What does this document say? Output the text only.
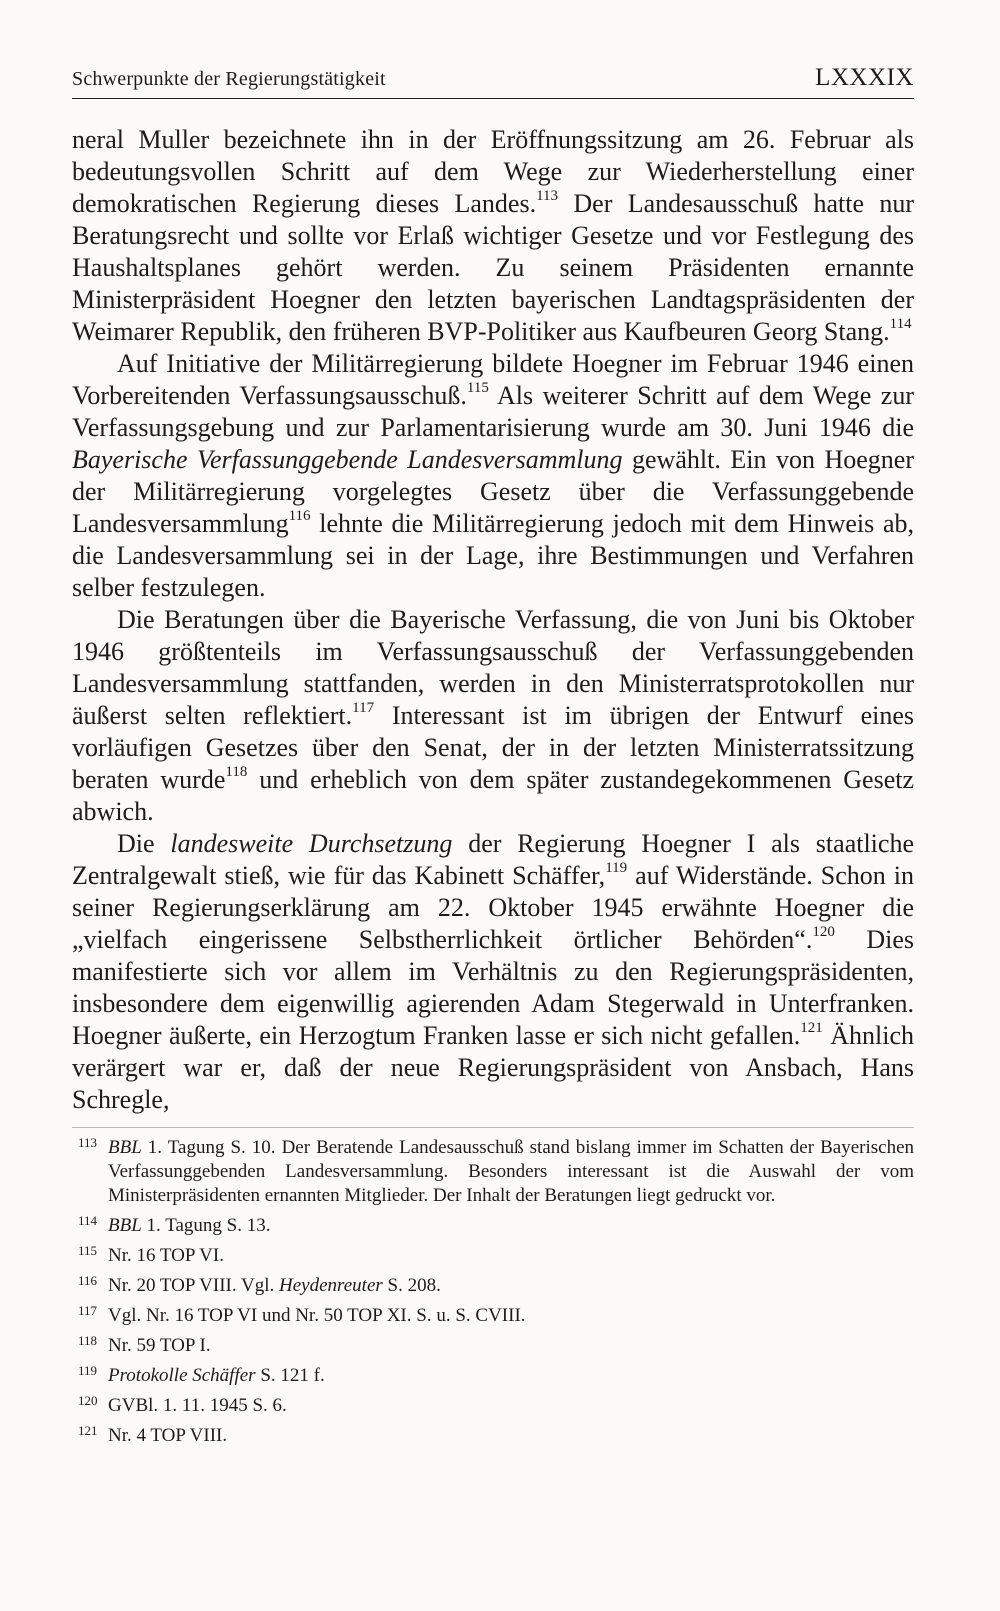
Schwerpunkte der Regierungstätigkeit	LXXXIX

neral Muller bezeichnete ihn in der Eröffnungssitzung am 26. Februar als bedeutungsvollen Schritt auf dem Wege zur Wiederherstellung einer demokratischen Regierung dieses Landes.$^{113}$ Der Landesausschuß hatte nur Beratungsrecht und sollte vor Erlaß wichtiger Gesetze und vor Festlegung des Haushaltsplanes gehört werden. Zu seinem Präsidenten ernannte Ministerpräsident Hoegner den letzten bayerischen Landtagspräsidenten der Weimarer Republik, den früheren BVP-Politiker aus Kaufbeuren Georg Stang.$^{114}$

Auf Initiative der Militärregierung bildete Hoegner im Februar 1946 einen Vorbereitenden Verfassungsausschuß.$^{115}$ Als weiterer Schritt auf dem Wege zur Verfassungsgebung und zur Parlamentarisierung wurde am 30. Juni 1946 die Bayerische Verfassunggebende Landesversammlung gewählt. Ein von Hoegner der Militärregierung vorgelegtes Gesetz über die Verfassunggebende Landesversammlung$^{116}$ lehnte die Militärregierung jedoch mit dem Hinweis ab, die Landesversammlung sei in der Lage, ihre Bestimmungen und Verfahren selber festzulegen.

Die Beratungen über die Bayerische Verfassung, die von Juni bis Oktober 1946 größtenteils im Verfassungsausschuß der Verfassunggebenden Landesversammlung stattfanden, werden in den Ministerratsprotokollen nur äußerst selten reflektiert.$^{117}$ Interessant ist im übrigen der Entwurf eines vorläufigen Gesetzes über den Senat, der in der letzten Ministerratssitzung beraten wurde$^{118}$ und erheblich von dem später zustandegekommenen Gesetz abwich.

Die landesweite Durchsetzung der Regierung Hoegner I als staatliche Zentralgewalt stieß, wie für das Kabinett Schäffer,$^{119}$ auf Widerstände. Schon in seiner Regierungserklärung am 22. Oktober 1945 erwähnte Hoegner die „vielfach eingerissene Selbstherrlichkeit örtlicher Behörden“.$^{120}$ Dies manifestierte sich vor allem im Verhältnis zu den Regierungspräsidenten, insbesondere dem eigenwillig agierenden Adam Stegerwald in Unterfranken. Hoegner äußerte, ein Herzogtum Franken lasse er sich nicht gefallen.$^{121}$ Ähnlich verärgert war er, daß der neue Regierungspräsident von Ansbach, Hans Schregle,

113 BBL 1. Tagung S. 10. Der Beratende Landesausschuß stand bislang immer im Schatten der Bayerischen Verfassunggebenden Landesversammlung. Besonders interessant ist die Auswahl der vom Ministerpräsidenten ernannten Mitglieder. Der Inhalt der Beratungen liegt gedruckt vor.
114 BBL 1. Tagung S. 13.
115 Nr. 16 TOP VI.
116 Nr. 20 TOP VIII. Vgl. Heydenreuter S. 208.
117 Vgl. Nr. 16 TOP VI und Nr. 50 TOP XI. S. u. S. CVIII.
118 Nr. 59 TOP I.
119 Protokolle Schäffer S. 121 f.
120 GVBl. 1. 11. 1945 S. 6.
121 Nr. 4 TOP VIII.
